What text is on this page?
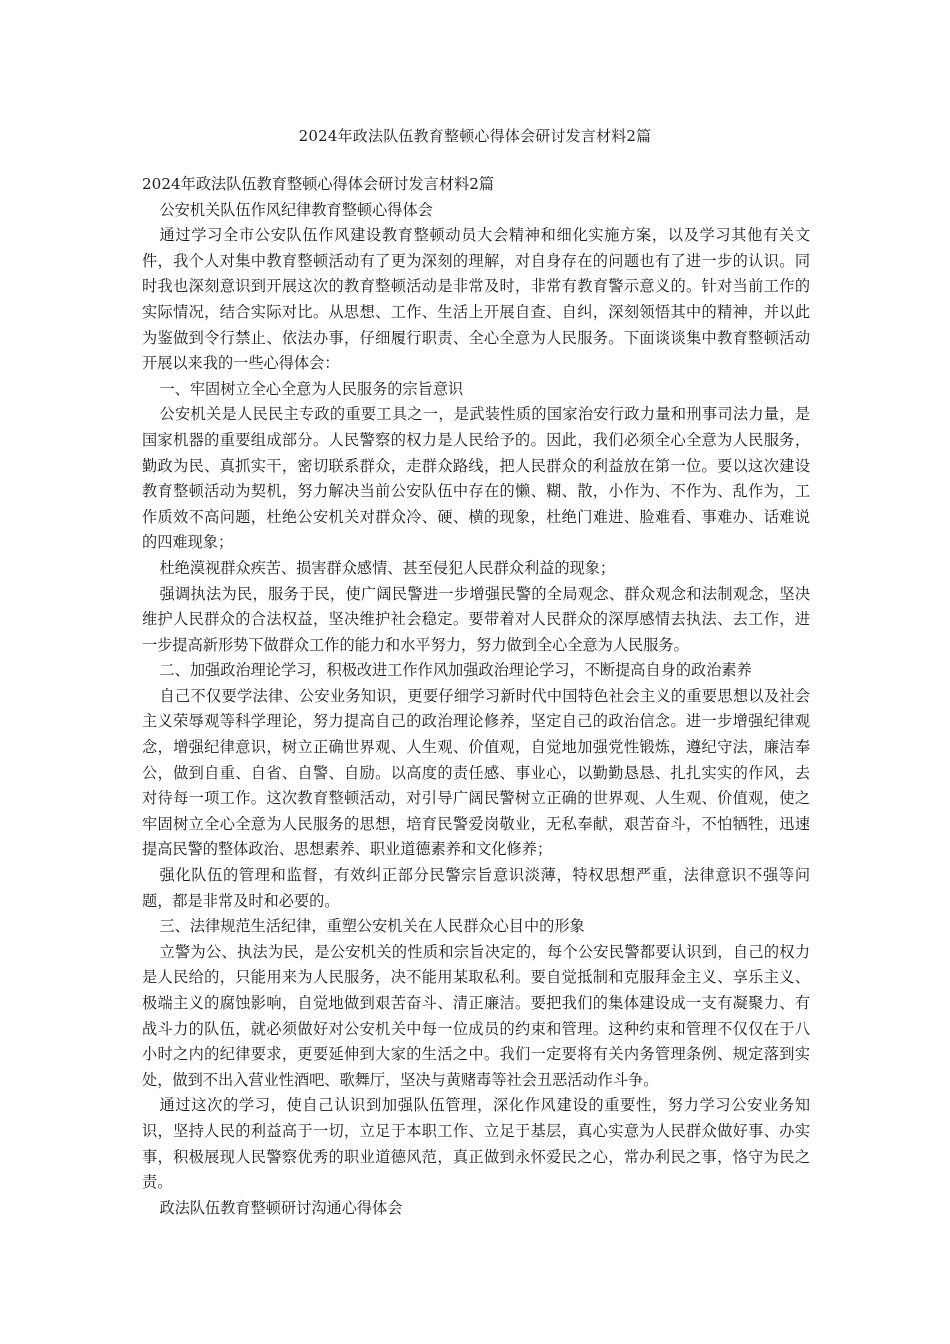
2024年政法队伍教育整顿心得体会研讨发言材料2篇

2024年政法队伍教育整顿心得体会研讨发言材料2篇

公安机关队伍作风纪律教育整顿心得体会

通过学习全市公安队伍作风建设教育整顿动员大会精神和细化实施方案，以及学习其他有关文件，我个人对集中教育整顿活动有了更为深刻的理解，对自身存在的问题也有了进一步的认识。同时我也深刻意识到开展这次的教育整顿活动是非常及时，非常有教育警示意义的。针对当前工作的实际情况，结合实际对比。从思想、工作、生活上开展自查、自纠，深刻领悟其中的精神，并以此为鉴做到令行禁止、依法办事，仔细履行职责、全心全意为人民服务。下面谈谈集中教育整顿活动开展以来我的一些心得体会：

一、牢固树立全心全意为人民服务的宗旨意识

公安机关是人民民主专政的重要工具之一，是武装性质的国家治安行政力量和刑事司法力量，是国家机器的重要组成部分。人民警察的权力是人民给予的。因此，我们必须全心全意为人民服务，勤政为民、真抓实干，密切联系群众，走群众路线，把人民群众的利益放在第一位。要以这次建设教育整顿活动为契机，努力解决当前公安队伍中存在的懒、糊、散，小作为、不作为、乱作为，工作质效不高问题，杜绝公安机关对群众冷、硬、横的现象，杜绝门难进、脸难看、事难办、话难说的四难现象；

杜绝漠视群众疾苦、损害群众感情、甚至侵犯人民群众利益的现象；

强调执法为民，服务于民，使广阔民警进一步增强民警的全局观念、群众观念和法制观念，坚决维护人民群众的合法权益，坚决维护社会稳定。要带着对人民群众的深厚感情去执法、去工作，进一步提高新形势下做群众工作的能力和水平努力，努力做到全心全意为人民服务。

二、加强政治理论学习，积极改进工作作风加强政治理论学习，不断提高自身的政治素养

自己不仅要学法律、公安业务知识，更要仔细学习新时代中国特色社会主义的重要思想以及社会主义荣辱观等科学理论，努力提高自己的政治理论修养，坚定自己的政治信念。进一步增强纪律观念，增强纪律意识，树立正确世界观、人生观、价值观，自觉地加强党性锻炼，遵纪守法，廉洁奉公，做到自重、自省、自警、自励。以高度的责任感、事业心，以勤勤恳恳、扎扎实实的作风，去对待每一项工作。这次教育整顿活动，对引导广阔民警树立正确的世界观、人生观、价值观，使之牢固树立全心全意为人民服务的思想，培育民警爱岗敬业，无私奉献，艰苦奋斗，不怕牺牲，迅速提高民警的整体政治、思想素养、职业道德素养和文化修养；

强化队伍的管理和监督，有效纠正部分民警宗旨意识淡薄，特权思想严重，法律意识不强等问题，都是非常及时和必要的。

三、法律规范生活纪律，重塑公安机关在人民群众心目中的形象

立警为公、执法为民，是公安机关的性质和宗旨决定的，每个公安民警都要认识到，自己的权力是人民给的，只能用来为人民服务，决不能用某取私利。要自觉抵制和克服拜金主义、享乐主义、极端主义的腐蚀影响，自觉地做到艰苦奋斗、清正廉洁。要把我们的集体建设成一支有凝聚力、有战斗力的队伍，就必须做好对公安机关中每一位成员的约束和管理。这种约束和管理不仅仅在于八小时之内的纪律要求，更要延伸到大家的生活之中。我们一定要将有关内务管理条例、规定落到实处，做到不出入营业性酒吧、歌舞厅，坚决与黄赌毒等社会丑恶活动作斗争。

通过这次的学习，使自己认识到加强队伍管理，深化作风建设的重要性，努力学习公安业务知识，坚持人民的利益高于一切，立足于本职工作、立足于基层，真心实意为人民群众做好事、办实事，积极展现人民警察优秀的职业道德风范，真正做到永怀爱民之心，常办利民之事，恪守为民之责。

政法队伍教育整顿研讨沟通心得体会
